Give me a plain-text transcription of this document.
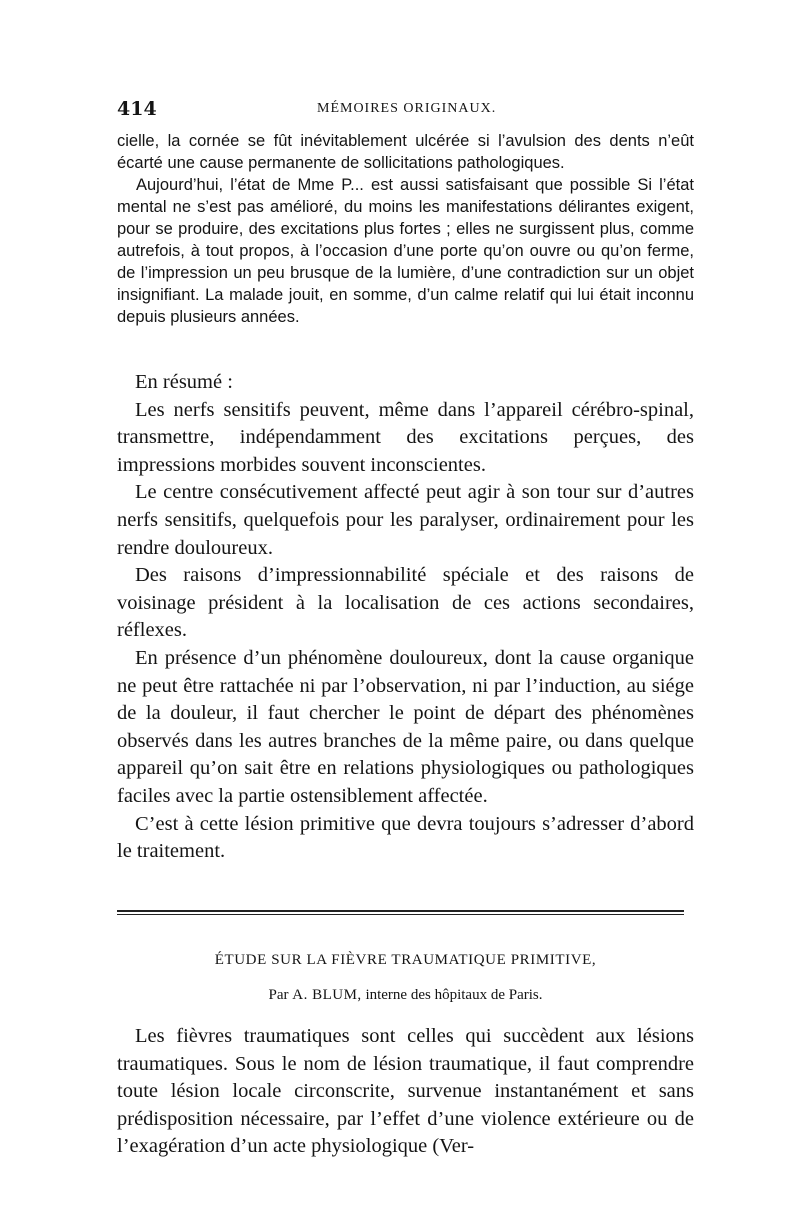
414	MÉMOIRES ORIGINAUX.

cielle, la cornée se fût inévitablement ulcérée si l’avulsion des dents n’eût écarté une cause permanente de sollicitations pathologiques.

Aujourd’hui, l’état de Mme P... est aussi satisfaisant que possible Si l’état mental ne s’est pas amélioré, du moins les manifestations délirantes exigent, pour se produire, des excitations plus fortes ; elles ne surgissent plus, comme autrefois, à tout propos, à l’occasion d’une porte qu’on ouvre ou qu’on ferme, de l’impression un peu brusque de la lumière, d’une contradiction sur un objet insignifiant. La malade jouit, en somme, d’un calme relatif qui lui était inconnu depuis plusieurs années.

En résumé :

Les nerfs sensitifs peuvent, même dans l’appareil cérébro-spinal, transmettre, indépendamment des excitations perçues, des impressions morbides souvent inconscientes.

Le centre consécutivement affecté peut agir à son tour sur d’autres nerfs sensitifs, quelquefois pour les paralyser, ordinairement pour les rendre douloureux.

Des raisons d’impressionnabilité spéciale et des raisons de voisinage président à la localisation de ces actions secondaires, réflexes.

En présence d’un phénomène douloureux, dont la cause organique ne peut être rattachée ni par l’observation, ni par l’induction, au siége de la douleur, il faut chercher le point de départ des phénomènes observés dans les autres branches de la même paire, ou dans quelque appareil qu’on sait être en relations physiologiques ou pathologiques faciles avec la partie ostensiblement affectée.

C’est à cette lésion primitive que devra toujours s’adresser d’abord le traitement.

ÉTUDE SUR LA FIÈVRE TRAUMATIQUE PRIMITIVE,
Par A. BLUM, interne des hôpitaux de Paris.

Les fièvres traumatiques sont celles qui succèdent aux lésions traumatiques. Sous le nom de lésion traumatique, il faut comprendre toute lésion locale circonscrite, survenue instantanément et sans prédisposition nécessaire, par l’effet d’une violence extérieure ou de l’exagération d’un acte physiologique (Ver-
